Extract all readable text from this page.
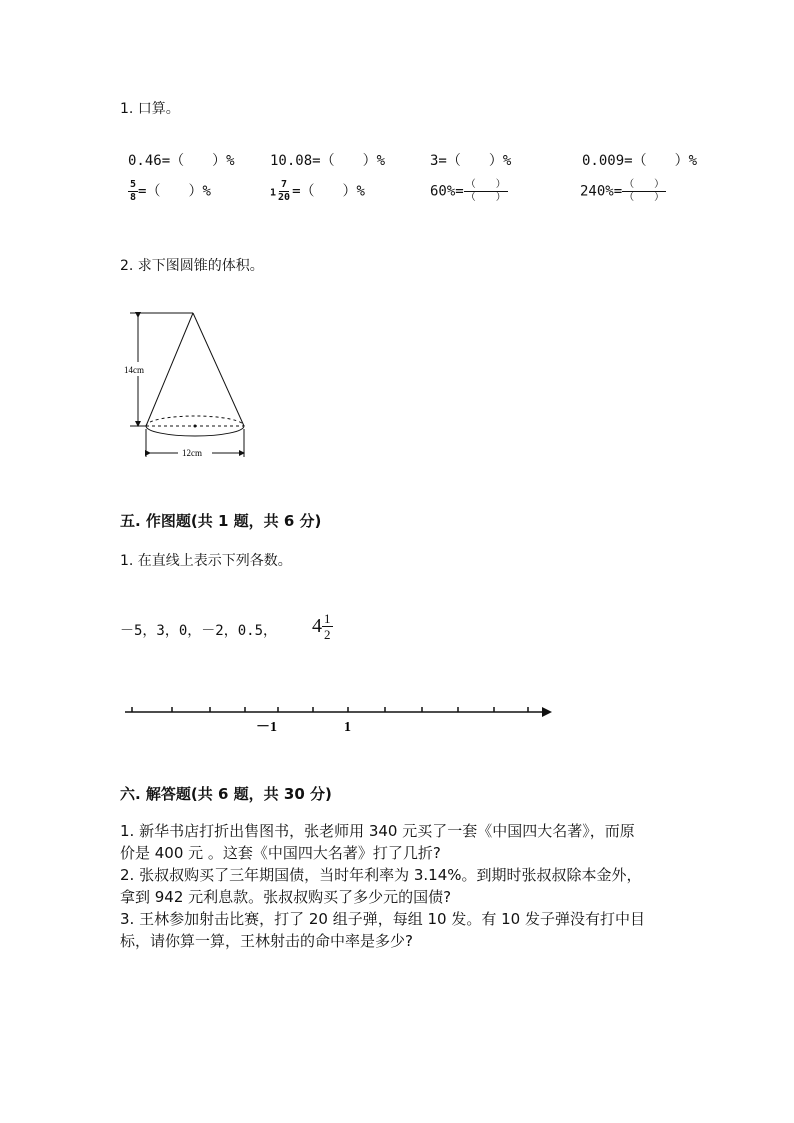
1. 口算。
0.46=（　　）%	10.08=（　　）%	3=（　　）%	0.009=（　　）%
$\frac{5}{8}$ =（　　）%	$1 \frac{7}{20}$ =（　　）%	$60\%= \frac{( )}{( )}$	$240\%= \frac{( )}{( )}$
2. 求下图圆锥的体积。
14cm
12cm
五. 作图题(共 1 题，共 6 分)
1. 在直线上表示下列各数。
－5，3，0，－2，0.5， $4 \frac{1}{2}$
－1	1
六. 解答题(共 6 题，共 30 分)
1. 新华书店打折出售图书，张老师用 340 元买了一套《中国四大名著》，而原
价是 400 元 。这套《中国四大名著》打了几折?
2. 张叔叔购买了三年期国债，当时年利率为 3.14%。到期时张叔叔除本金外，
拿到 942 元利息款。张叔叔购买了多少元的国债?
3. 王林参加射击比赛，打了 20 组子弹，每组 10 发。有 10 发子弹没有打中目
标，请你算一算，王林射击的命中率是多少?
